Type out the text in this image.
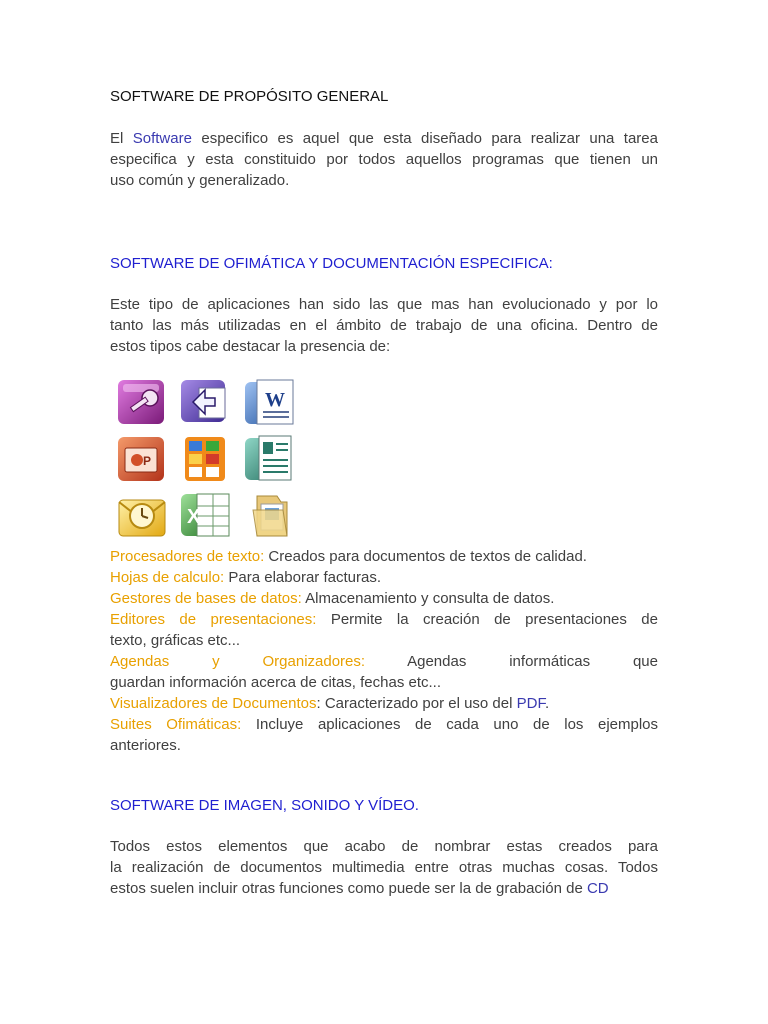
SOFTWARE DE PROPÓSITO GENERAL
El Software especifico es aquel que esta diseñado para realizar una tarea
especifica y esta constituido por todos aquellos programas que tienen un
uso común y generalizado.
SOFTWARE DE OFIMÁTICA Y DOCUMENTACIÓN ESPECIFICA:
Este tipo de aplicaciones han sido las que mas han evolucionado y por lo
tanto las más utilizadas en el ámbito de trabajo de una oficina. Dentro de
estos tipos cabe destacar la presencia de:
Procesadores de texto: Creados para documentos de textos de calidad.
Hojas de calculo: Para elaborar facturas.
Gestores de bases de datos: Almacenamiento y consulta de datos.
Editores de presentaciones: Permite la creación de presentaciones de
texto, gráficas etc...
Agendas	y	Organizadores: Agendas informáticas que
guardan información acerca de citas, fechas etc...
Visualizadores de Documentos: Caracterizado por el uso del PDF.
Suites Ofimáticas: Incluye aplicaciones de cada uno de los ejemplos
anteriores.
SOFTWARE DE IMAGEN, SONIDO Y VÍDEO.
Todos estos elementos que acabo de nombrar estas creados para
la realización de documentos multimedia entre otras muchas cosas. Todos
estos suelen incluir otras funciones como puede ser la de grabación de CD
W
P
X
